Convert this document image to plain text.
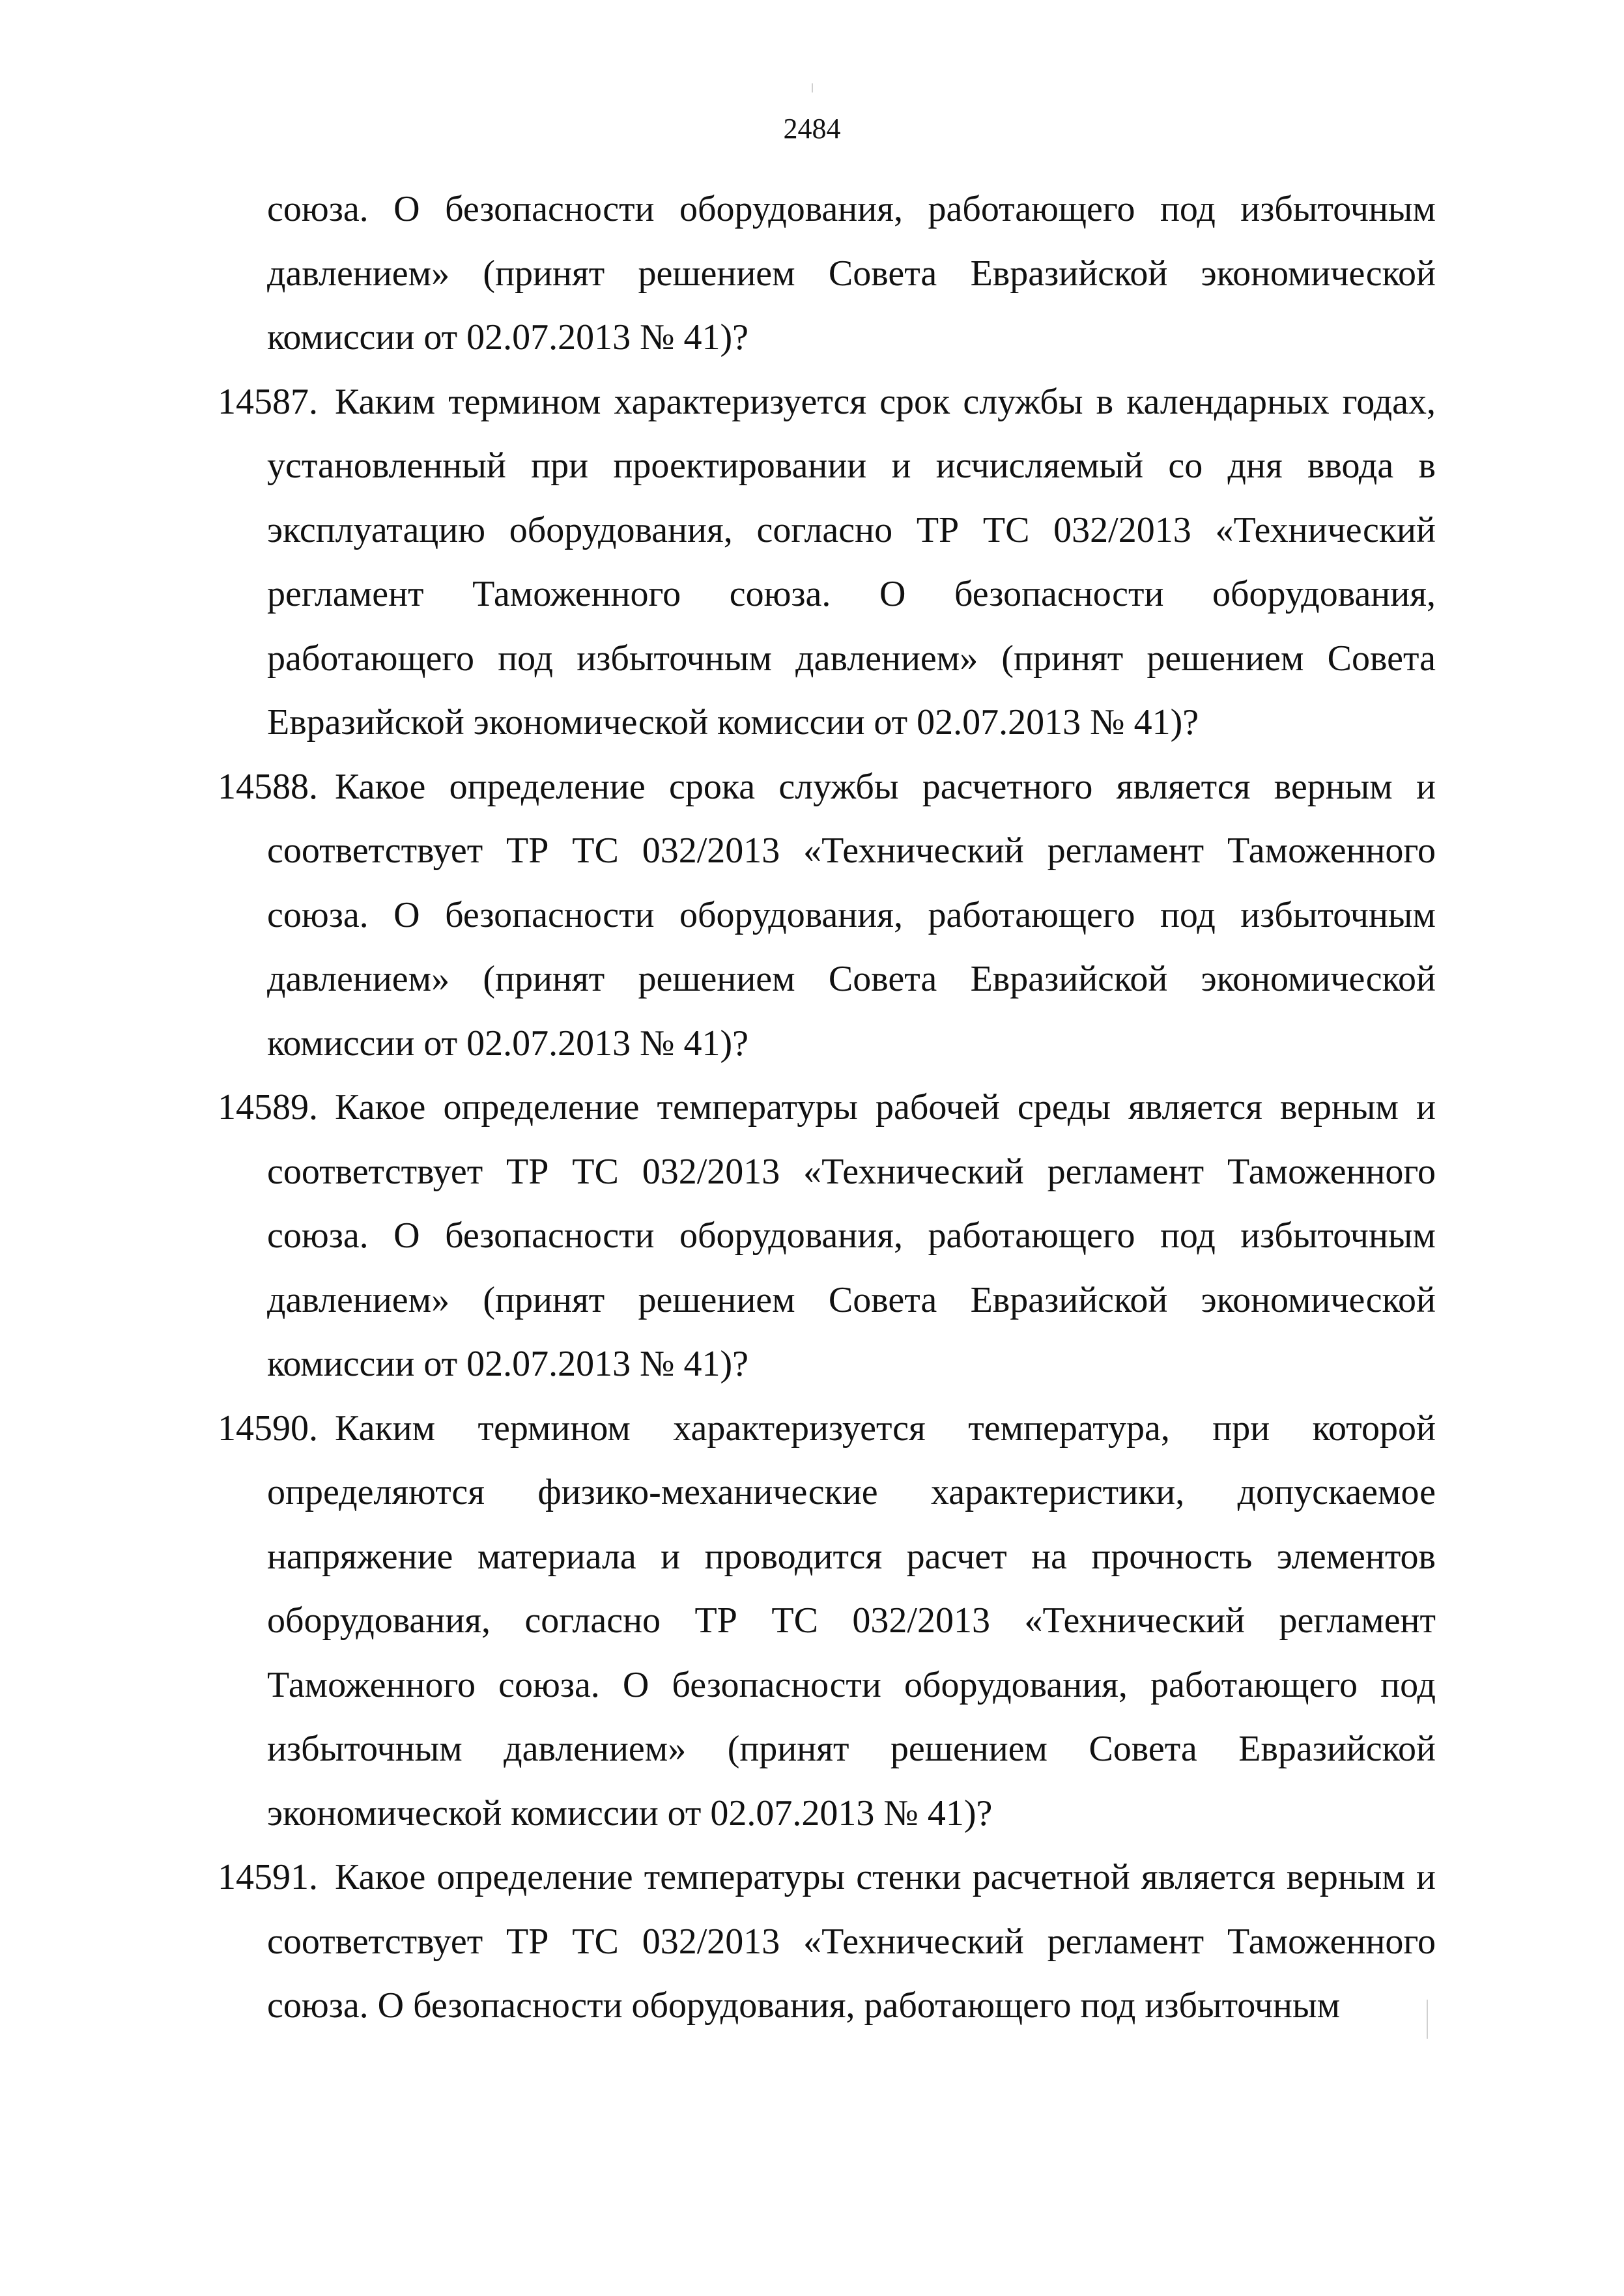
2484

союза. О безопасности оборудования, работающего под избыточным давлением» (принят решением Совета Евразийской экономической комиссии от 02.07.2013 № 41)?

14587. Каким термином характеризуется срок службы в календарных годах, установленный при проектировании и исчисляемый со дня ввода в эксплуатацию оборудования, согласно ТР ТС 032/2013 «Технический регламент Таможенного союза. О безопасности оборудования, работающего под избыточным давлением» (принят решением Совета Евразийской экономической комиссии от 02.07.2013 № 41)?

14588. Какое определение срока службы расчетного является верным и соответствует ТР ТС 032/2013 «Технический регламент Таможенного союза. О безопасности оборудования, работающего под избыточным давлением» (принят решением Совета Евразийской экономической комиссии от 02.07.2013 № 41)?

14589. Какое определение температуры рабочей среды является верным и соответствует ТР ТС 032/2013 «Технический регламент Таможенного союза. О безопасности оборудования, работающего под избыточным давлением» (принят решением Совета Евразийской экономической комиссии от 02.07.2013 № 41)?

14590. Каким термином характеризуется температура, при которой определяются физико-механические характеристики, допускаемое напряжение материала и проводится расчет на прочность элементов оборудования, согласно ТР ТС 032/2013 «Технический регламент Таможенного союза. О безопасности оборудования, работающего под избыточным давлением» (принят решением Совета Евразийской экономической комиссии от 02.07.2013 № 41)?

14591. Какое определение температуры стенки расчетной является верным и соответствует ТР ТС 032/2013 «Технический регламент Таможенного союза. О безопасности оборудования, работающего под избыточным
